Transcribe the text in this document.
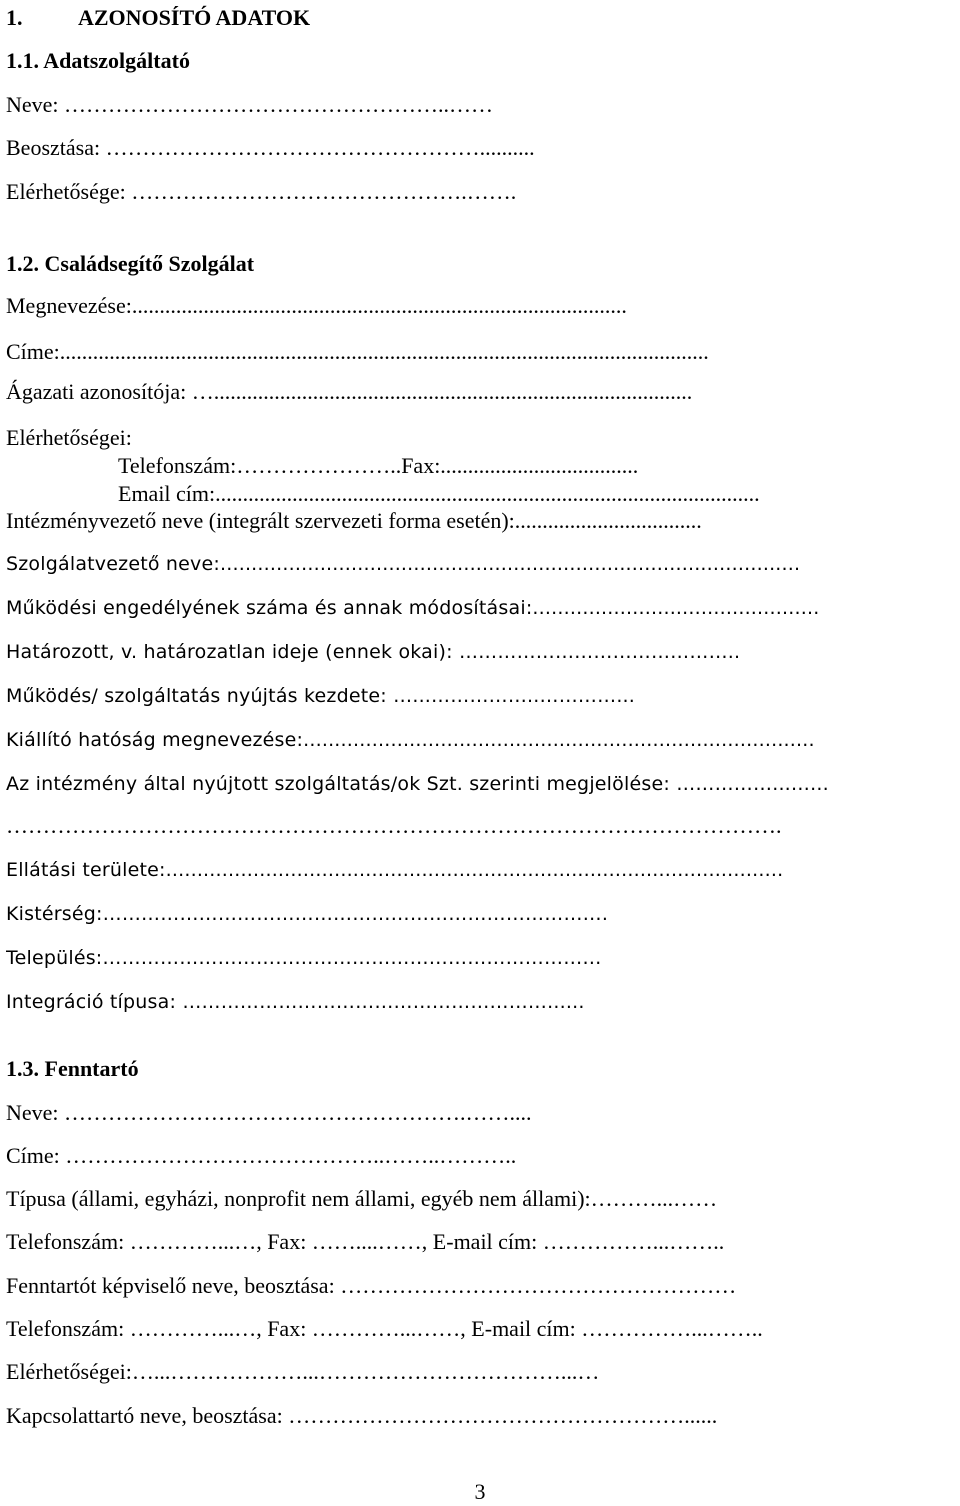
1.	AZONOSÍTÓ ADATOK
1.1. Adatszolgáltató
Neve: ……………………………………………..……
Beosztása: ……………………………………………..........
Elérhetősége: ……………………………………….…….
1.2. Családsegítő Szolgálat
Megnevezése:..........................................................................................
Címe:......................................................................................................................
Ágazati azonosítója: ….......................................................................................
Elérhetőségei:
Telefonszám:…………………..Fax:....................................
Email cím:...................................................................................................
Intézményvezető neve (integrált szervezeti forma esetén):..................................
Szolgálatvezető neve:.............................................................................................
Működési engedélyének száma és annak módosításai:..............................................
Határozott, v. határozatlan ideje (ennek okai): ……………………………………..
Működés/ szolgáltatás nyújtás kezdete: …...……………..…………...
Kiállító hatóság megnevezése:..................................................................................
Az intézmény által nyújtott szolgáltatás/ok Szt. szerinti megjelölése: ……………...…...
…………………………………………………………………………………………….
Ellátási területe:...................................................................................................
Kistérség:…………………………………………………………………….
Település:……………………………………………………………………
Integráció típusa: …………………………………………………......
1.3. Fenntartó
Neve: ……………………………………………….……....
Címe: ……………………………………..……..………..
Típusa (állami, egyházi, nonprofit nem állami, egyéb nem állami):………...……
Telefonszám: …………...…, Fax: ……....……, E-mail cím: ……………...……..
Fenntartót képviselő neve, beosztása: ………………………………………………
Telefonszám: …………...…, Fax: …………...……, E-mail cím: ……………...……..
Elérhetőségei:…...………………...……………………………...…
Kapcsolattartó neve, beosztása: ………………………………………………......
3
